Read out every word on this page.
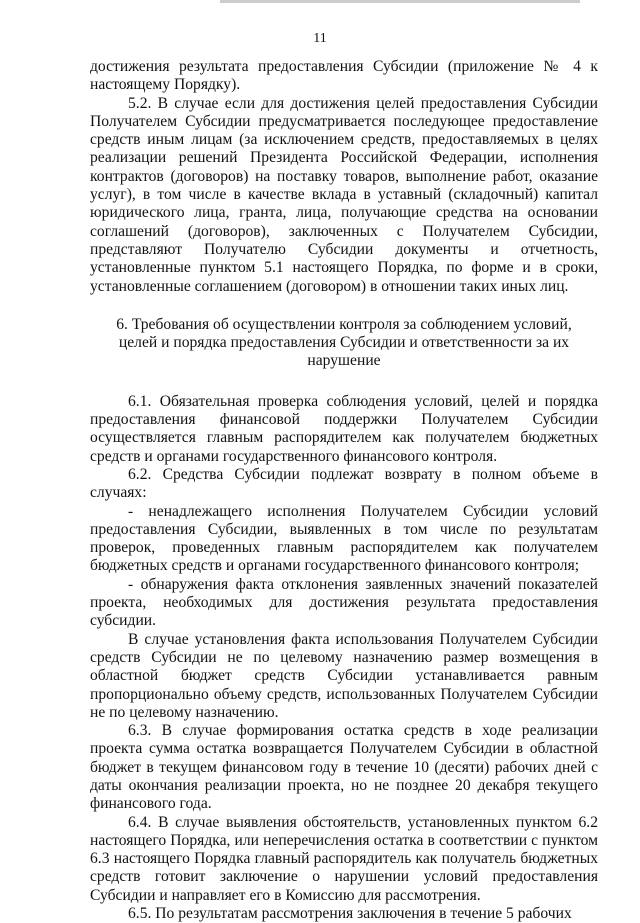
11

достижения результата предоставления Субсидии (приложение № 4 к настоящему Порядку).

5.2. В случае если для достижения целей предоставления Субсидии Получателем Субсидии предусматривается последующее предоставление средств иным лицам (за исключением средств, предоставляемых в целях реализации решений Президента Российской Федерации, исполнения контрактов (договоров) на поставку товаров, выполнение работ, оказание услуг), в том числе в качестве вклада в уставный (складочный) капитал юридического лица, гранта, лица, получающие средства на основании соглашений (договоров), заключенных с Получателем Субсидии, представляют Получателю Субсидии документы и отчетность, установленные пунктом 5.1 настоящего Порядка, по форме и в сроки, установленные соглашением (договором) в отношении таких иных лиц.

6. Требования об осуществлении контроля за соблюдением условий,
целей и порядка предоставления Субсидии и ответственности за их
нарушение

6.1. Обязательная проверка соблюдения условий, целей и порядка предоставления финансовой поддержки Получателем Субсидии осуществляется главным распорядителем как получателем бюджетных средств и органами государственного финансового контроля.

6.2. Средства Субсидии подлежат возврату в полном объеме в случаях:

- ненадлежащего исполнения Получателем Субсидии условий предоставления Субсидии, выявленных в том числе по результатам проверок, проведенных главным распорядителем как получателем бюджетных средств и органами государственного финансового контроля;

- обнаружения факта отклонения заявленных значений показателей проекта, необходимых для достижения результата предоставления субсидии.

В случае установления факта использования Получателем Субсидии средств Субсидии не по целевому назначению размер возмещения в областной бюджет средств Субсидии устанавливается равным пропорционально объему средств, использованных Получателем Субсидии не по целевому назначению.

6.3. В случае формирования остатка средств в ходе реализации проекта сумма остатка возвращается Получателем Субсидии в областной бюджет в текущем финансовом году в течение 10 (десяти) рабочих дней с даты окончания реализации проекта, но не позднее 20 декабря текущего финансового года.

6.4. В случае выявления обстоятельств, установленных пунктом 6.2 настоящего Порядка, или неперечисления остатка в соответствии с пунктом 6.3 настоящего Порядка главный распорядитель как получатель бюджетных средств готовит заключение о нарушении условий предоставления Субсидии и направляет его в Комиссию для рассмотрения.

6.5. По результатам рассмотрения заключения в течение 5 рабочих
